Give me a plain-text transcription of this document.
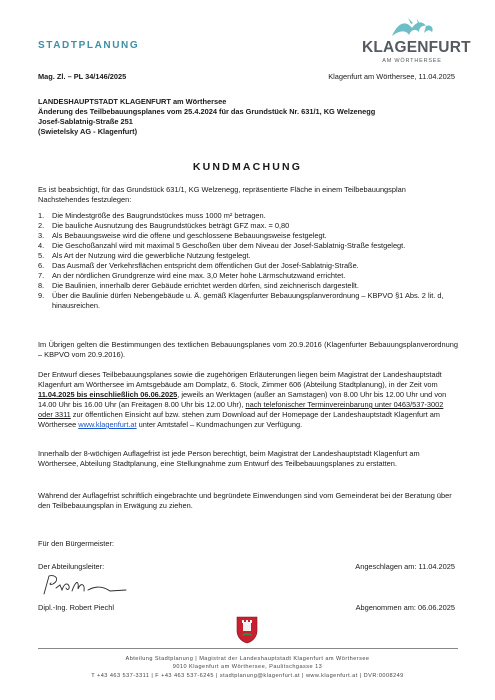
STADTPLANUNG	KLAGENFURT
AM WÖRTHERSEE
Mag. Zl. – PL 34/146/2025	Klagenfurt am Wörthersee, 11.04.2025
LANDESHAUPTSTADT KLAGENFURT am Wörthersee
Änderung des Teilbebauungsplanes vom 25.4.2024 für das Grundstück Nr. 631/1, KG Welzenegg
Josef-Sablatnig-Straße 251
(Swietelsky AG - Klagenfurt)
KUNDMACHUNG
Es ist beabsichtigt, für das Grundstück 631/1, KG Welzenegg, repräsentierte Fläche in einem Teilbebauungsplan Nachstehendes festzulegen:
1. Die Mindestgröße des Baugrundstückes muss 1000 m² betragen.
2. Die bauliche Ausnutzung des Baugrundstückes beträgt GFZ max. = 0,80
3. Als Bebauungsweise wird die offene und geschlossene Bebauungsweise festgelegt.
4. Die Geschoßanzahl wird mit maximal 5 Geschoßen über dem Niveau der Josef-Sablatnig-Straße festgelegt.
5. Als Art der Nutzung wird die gewerbliche Nutzung festgelegt.
6. Das Ausmaß der Verkehrsflächen entspricht dem öffentlichen Gut der Josef-Sablatnig-Straße.
7. An der nördlichen Grundgrenze wird eine max. 3,0 Meter hohe Lärmschutzwand errichtet.
8. Die Baulinien, innerhalb derer Gebäude errichtet werden dürfen, sind zeichnerisch dargestellt.
9. Über die Baulinie dürfen Nebengebäude u. Ä. gemäß Klagenfurter Bebauungsplanverordnung – KBPVO §1 Abs. 2 lit. d, hinausreichen.
Im Übrigen gelten die Bestimmungen des textlichen Bebauungsplanes vom 20.9.2016 (Klagenfurter Bebauungsplanverordnung – KBPVO vom 20.9.2016).
Der Entwurf dieses Teilbebauungsplanes sowie die zugehörigen Erläuterungen liegen beim Magistrat der Landeshauptstadt Klagenfurt am Wörthersee im Amtsgebäude am Domplatz, 6. Stock, Zimmer 606 (Abteilung Stadtplanung), in der Zeit vom 11.04.2025 bis einschließlich 06.06.2025, jeweils an Werktagen (außer an Samstagen) von 8.00 Uhr bis 12.00 Uhr und von 14.00 Uhr bis 16.00 Uhr (an Freitagen 8.00 Uhr bis 12.00 Uhr), nach telefonischer Terminvereinbarung unter 0463/537-3002 oder 3311 zur öffentlichen Einsicht auf bzw. stehen zum Download auf der Homepage der Landeshauptstadt Klagenfurt am Wörthersee www.klagenfurt.at unter Amtstafel – Kundmachungen zur Verfügung.
Innerhalb der 8-wöchigen Auflagefrist ist jede Person berechtigt, beim Magistrat der Landeshauptstadt Klagenfurt am Wörthersee, Abteilung Stadtplanung, eine Stellungnahme zum Entwurf des Teilbebauungsplanes zu erstatten.
Während der Auflagefrist schriftlich eingebrachte und begründete Einwendungen sind vom Gemeinderat bei der Beratung über den Teilbebauungsplan in Erwägung zu ziehen.
Für den Bürgermeister:
Der Abteilungsleiter:	Angeschlagen am: 11.04.2025
Dipl.-Ing. Robert Piechl	Abgenommen am: 06.06.2025
Abteilung Stadtplanung | Magistrat der Landeshauptstadt Klagenfurt am Wörthersee
9010 Klagenfurt am Wörthersee, Paulitschgasse 13
T +43 463 537-3311 | F +43 463 537-6245 | stadtplanung@klagenfurt.at | www.klagenfurt.at | DVR:0008249
